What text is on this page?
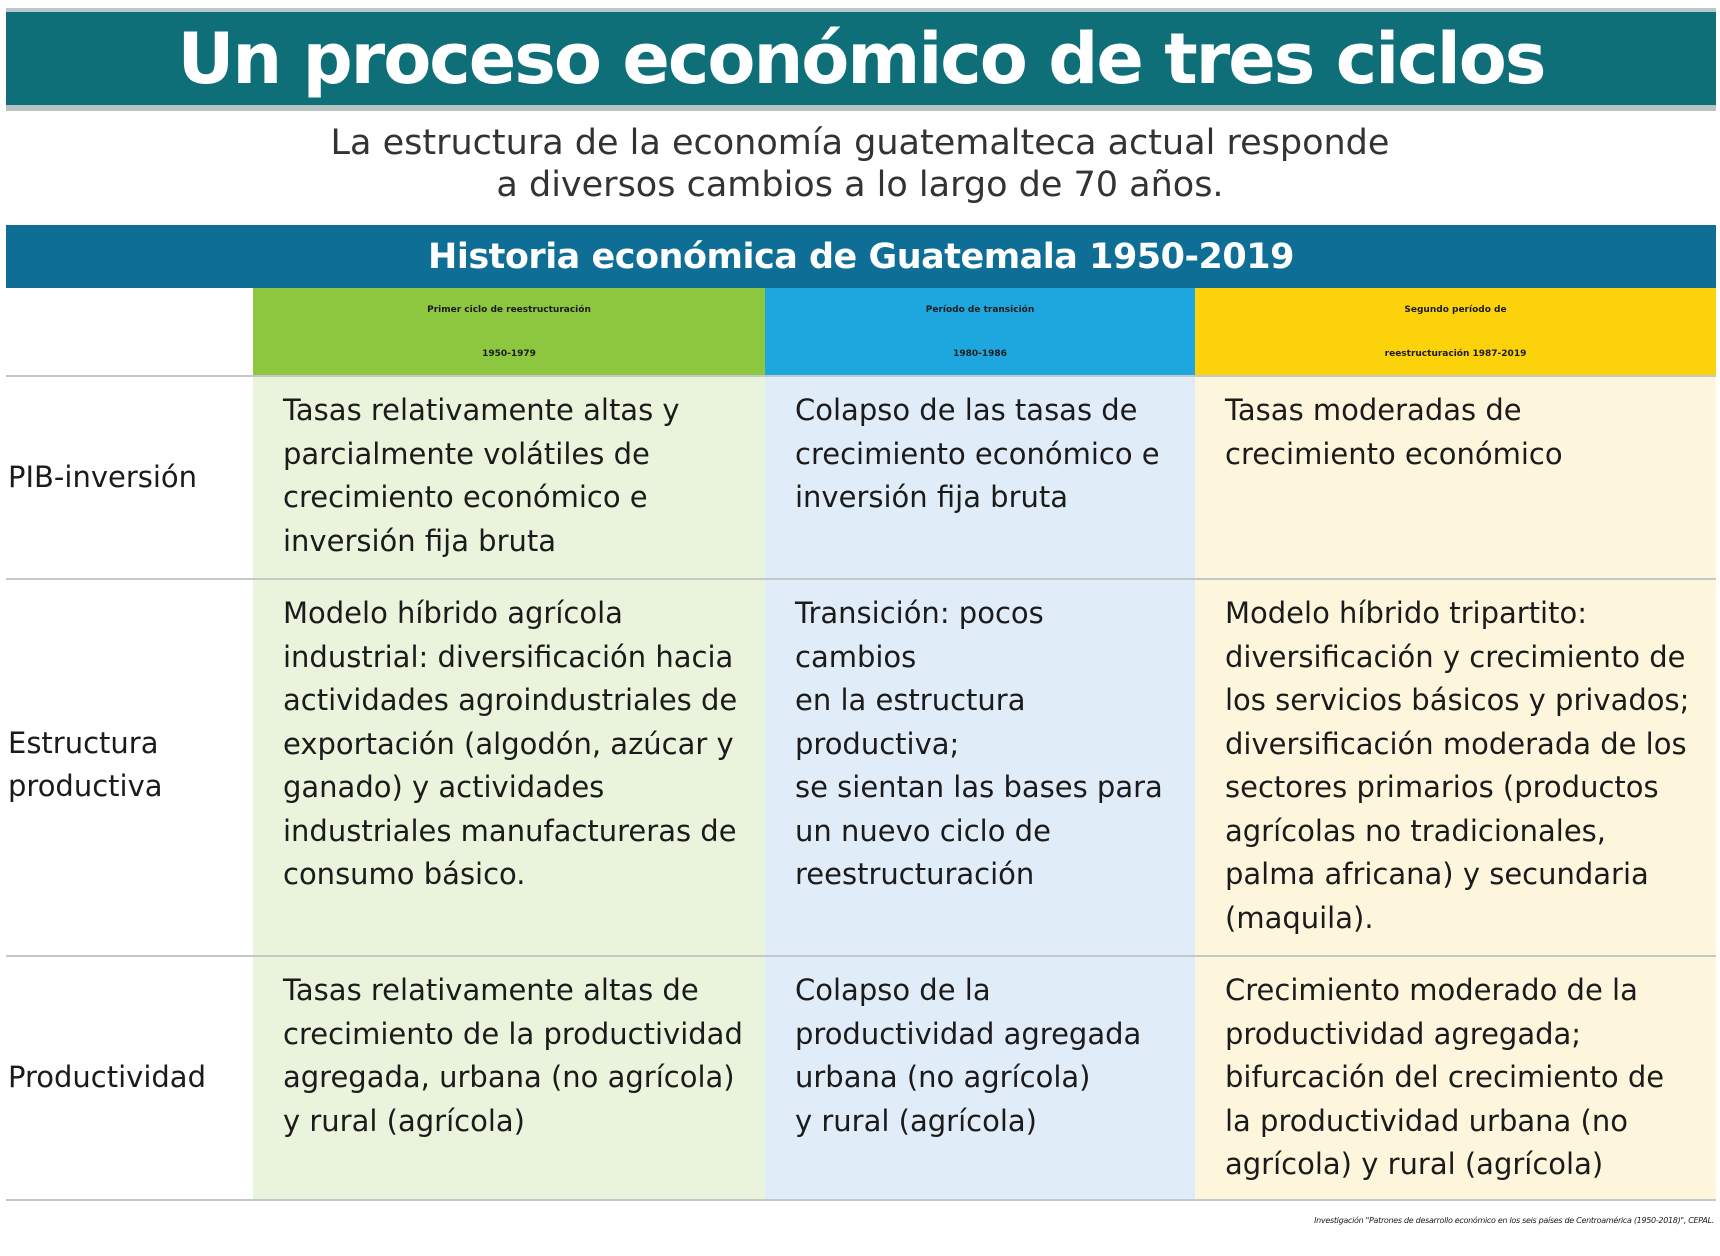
Un proceso económico de tres ciclos
La estructura de la economía guatemalteca actual responde
a diversos cambios a lo largo de 70 años.
Historia económica de Guatemala 1950-2019
Primer ciclo de reestructuración
1950-1979
Período de transición
1980-1986
Segundo período de
reestructuración 1987-2019
PIB-inversión
Tasas relativamente altas y
parcialmente volátiles de
crecimiento económico e
inversión fija bruta
Colapso de las tasas de
crecimiento económico e
inversión fija bruta
Tasas moderadas de
crecimiento económico
Estructura
productiva
Modelo híbrido agrícola
industrial: diversificación hacia
actividades agroindustriales de
exportación (algodón, azúcar y
ganado) y actividades
industriales manufactureras de
consumo básico.
Transición: pocos
cambios
en la estructura
productiva;
se sientan las bases para
un nuevo ciclo de
reestructuración
Modelo híbrido tripartito:
diversificación y crecimiento de
los servicios básicos y privados;
diversificación moderada de los
sectores primarios (productos
agrícolas no tradicionales,
palma africana) y secundaria
(maquila).
Productividad
Tasas relativamente altas de
crecimiento de la productividad
agregada, urbana (no agrícola)
y rural (agrícola)
Colapso de la
productividad agregada
urbana (no agrícola)
y rural (agrícola)
Crecimiento moderado de la
productividad agregada;
bifurcación del crecimiento de
la productividad urbana (no
agrícola) y rural (agrícola)
Investigación "Patrones de desarrollo económico en los seis países de Centroamérica (1950-2018)", CEPAL.
